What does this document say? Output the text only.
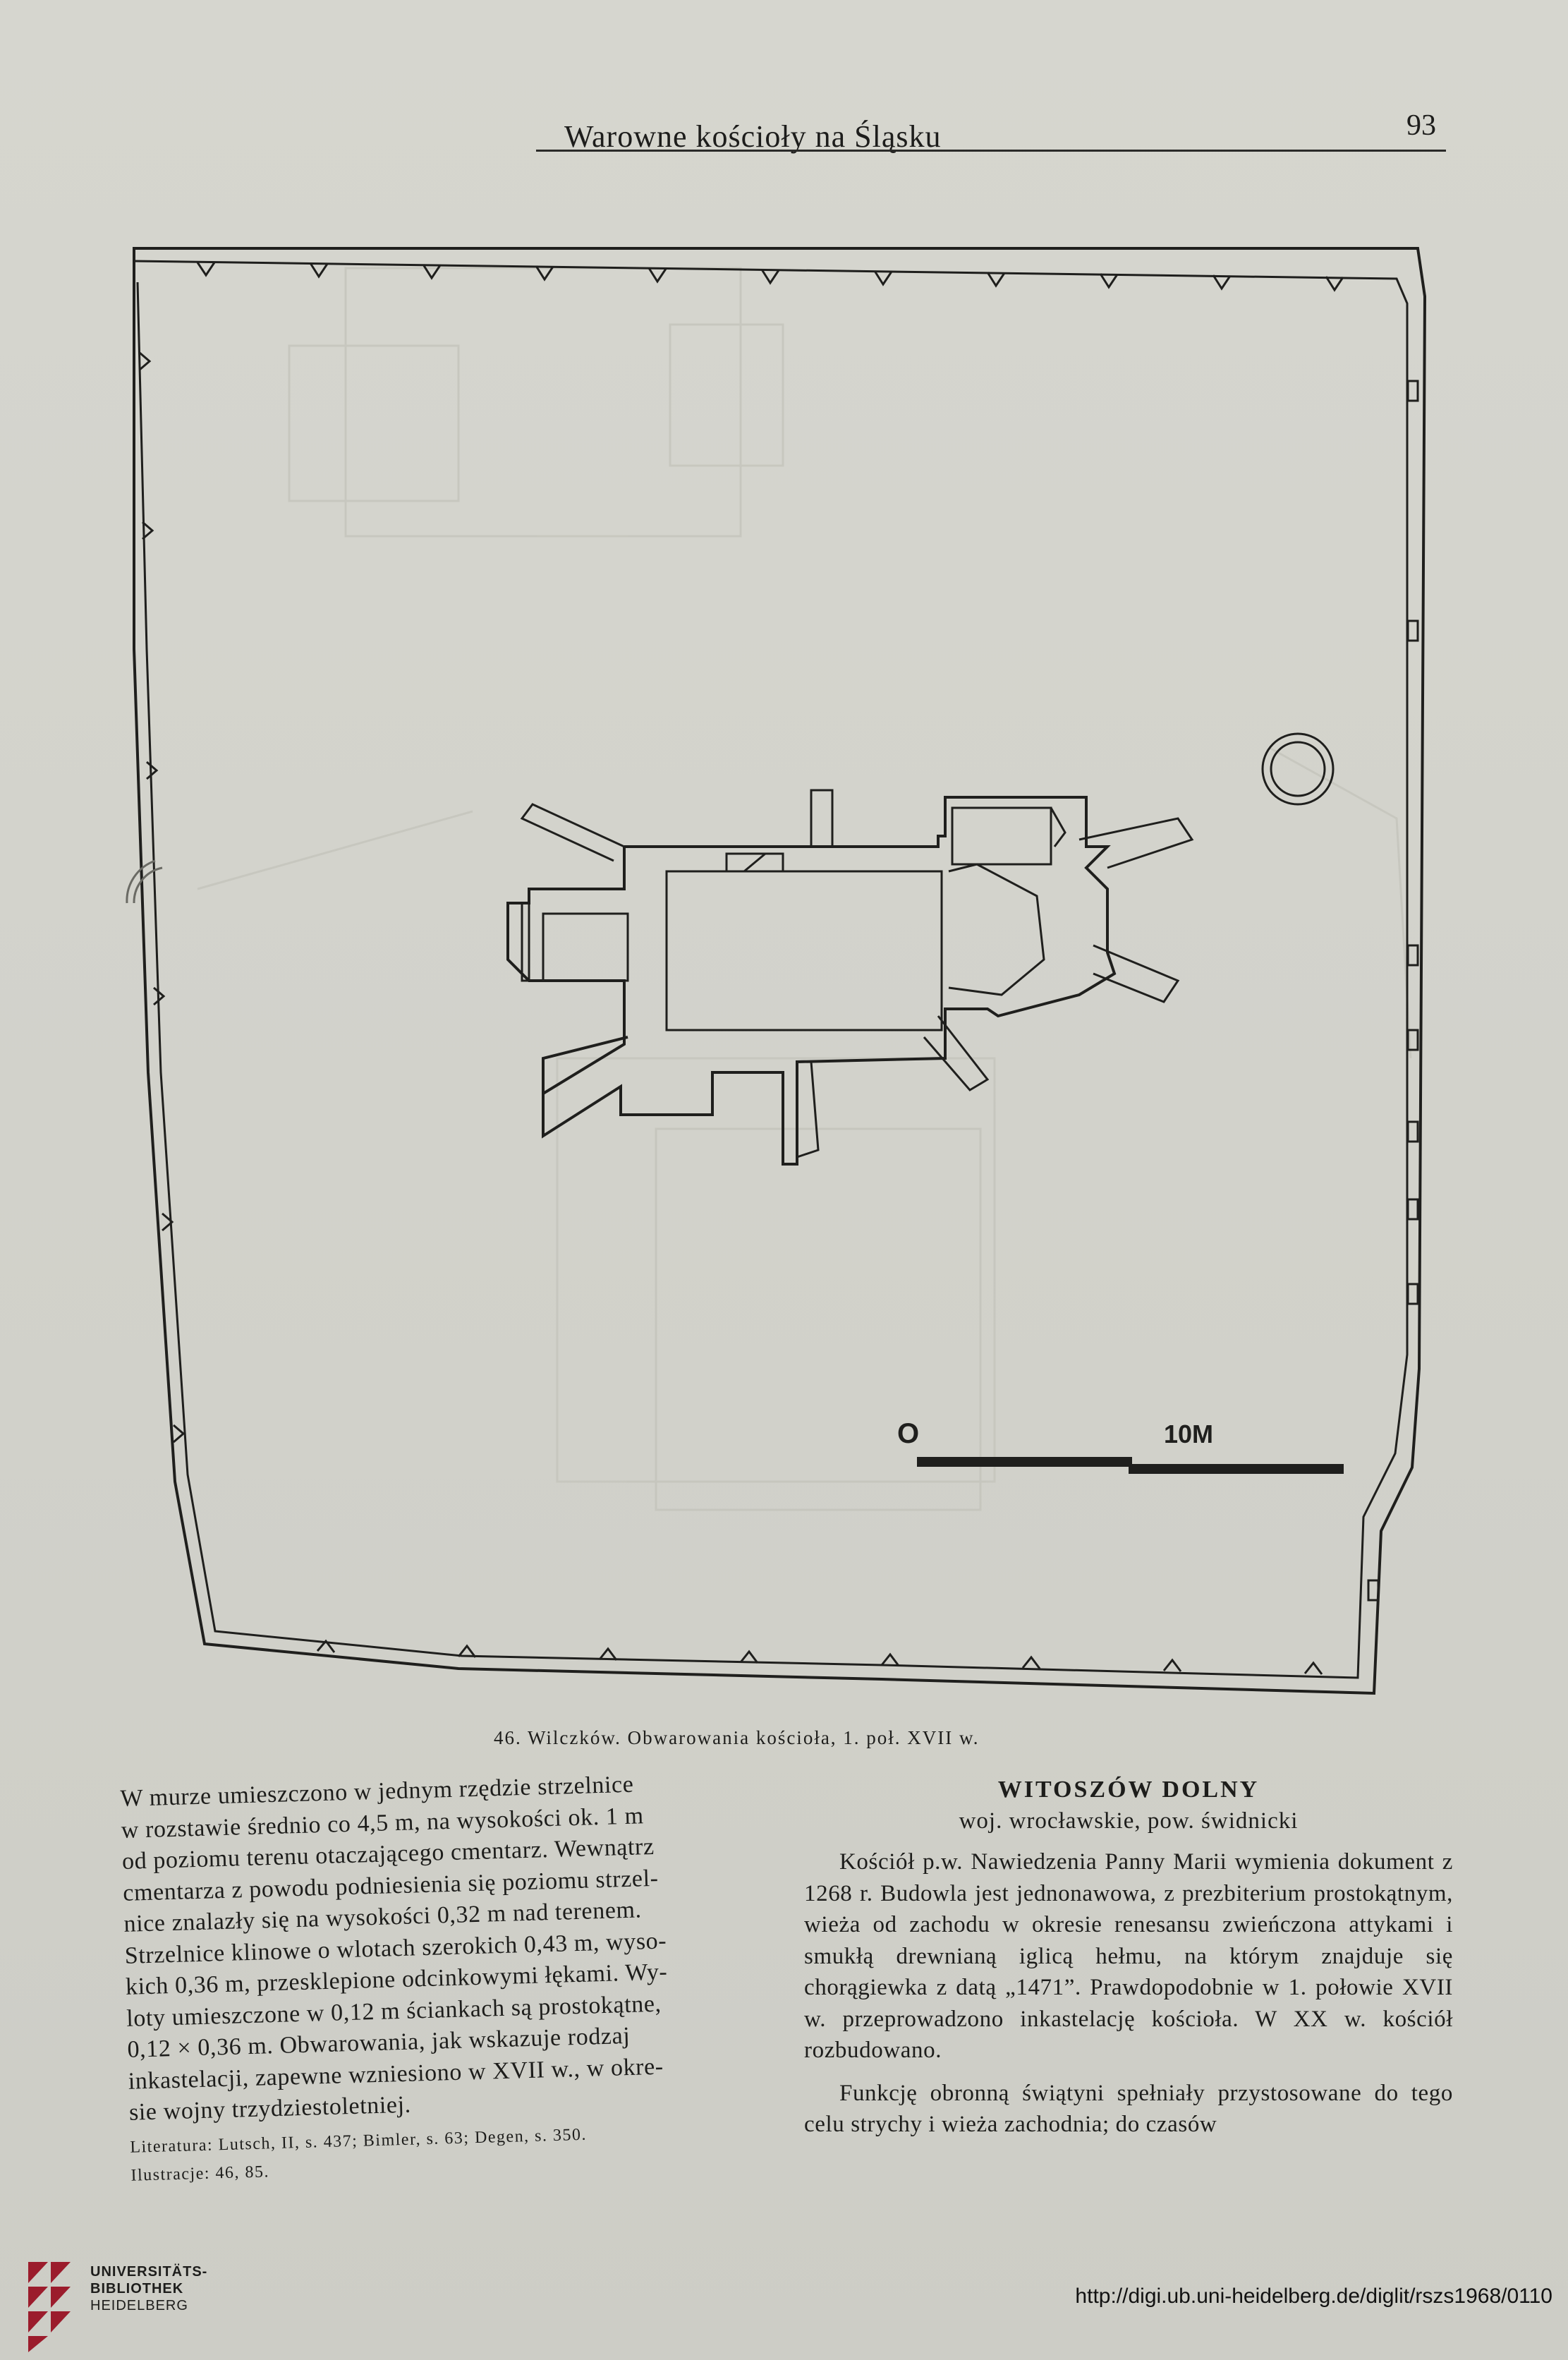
Warowne kościoły na Śląsku	93
O	10M
46. Wilczków. Obwarowania kościoła, 1. poł. XVII w.

W murze umieszczono w jednym rzędzie strzelnice

w rozstawie średnio co 4,5 m, na wysokości ok. 1 m

od poziomu terenu otaczającego cmentarz. Wewnątrz

cmentarza z powodu podniesienia się poziomu strzel-

nice znalazły się na wysokości 0,32 m nad terenem.

Strzelnice klinowe o wlotach szerokich 0,43 m, wyso-

kich 0,36 m, przesklepione odcinkowymi łękami. Wy-

loty umieszczone w 0,12 m ściankach są prostokątne,

0,12 × 0,36 m. Obwarowania, jak wskazuje rodzaj

inkastelacji, zapewne wzniesiono w XVII w., w okre-

sie wojny trzydziestoletniej.

Literatura: Lutsch, II, s. 437; Bimler, s. 63; Degen, s. 350.

Ilustracje: 46, 85.

WITOSZÓW DOLNY
woj. wrocławskie, pow. świdnicki

Kościół p.w. Nawiedzenia Panny Marii wymienia dokument z 1268 r. Budowla jest jednonawowa, z prezbiterium prostokątnym, wieża od zachodu w okresie renesansu zwieńczona attykami i smukłą drewnianą iglicą hełmu, na którym znajduje się chorągiewka z datą „1471”. Prawdopodobnie w 1. połowie XVII w. przeprowadzono inkastelację kościoła. W XX w. kościół rozbudowano.

Funkcję obronną świątyni spełniały przystosowane do tego celu strychy i wieża zachodnia; do czasów

UNIVERSITÄTS-
BIBLIOTHEK
HEIDELBERG	http://digi.ub.uni-heidelberg.de/diglit/rszs1968/0110
